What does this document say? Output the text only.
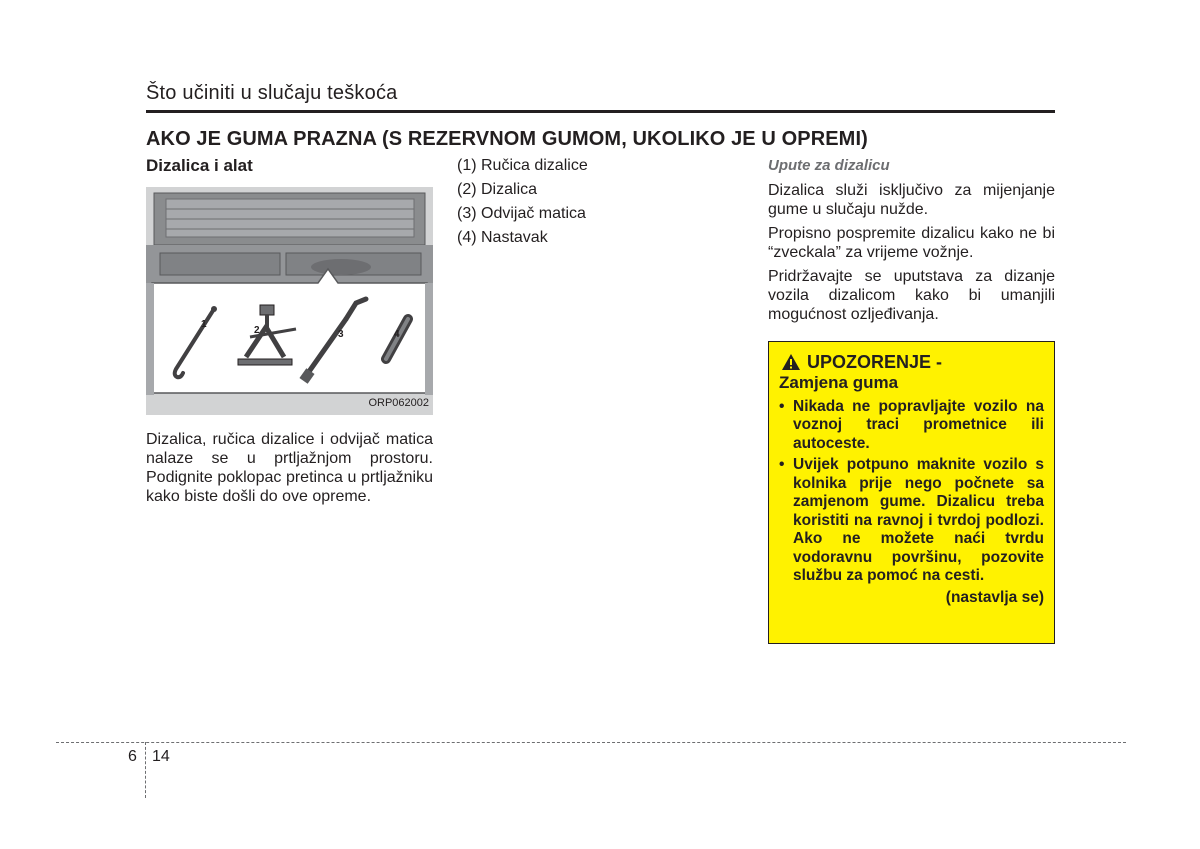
Što učiniti u slučaju teškoća
AKO JE GUMA PRAZNA (S REZERVNOM GUMOM, UKOLIKO JE U OPREMI)
Dizalica i alat
1
2	3	4
ORP062002

Dizalica, ručica dizalice i odvijač matica nalaze se u prtljažnjom prostoru. Podignite poklopac pretinca u prtljažniku kako biste došli do ove opreme.

(1) Ručica dizalice
(2) Dizalica
(3) Odvijač matica
(4) Nastavak
Upute za dizalicu

Dizalica služi isključivo za mijenjanje gume u slučaju nužde.

Propisno pospremite dizalicu kako ne bi “zveckala” za vrijeme vožnje.

Pridržavajte se uputstava za dizanje vozila dizalicom kako bi umanjili mogućnost ozljeđivanja.

UPOZORENJE -
Zamjena guma
• Nikada ne popravljajte vozilo na voznoj traci prometnice ili autoceste.
• Uvijek potpuno maknite vozilo s kolnika prije nego počnete sa zamjenom gume. Dizalicu treba koristiti na ravnoj i tvrdoj podlozi. Ako ne možete naći tvrdu vodoravnu površinu, pozovite službu za pomoć na cesti.
(nastavlja se)
6 14
